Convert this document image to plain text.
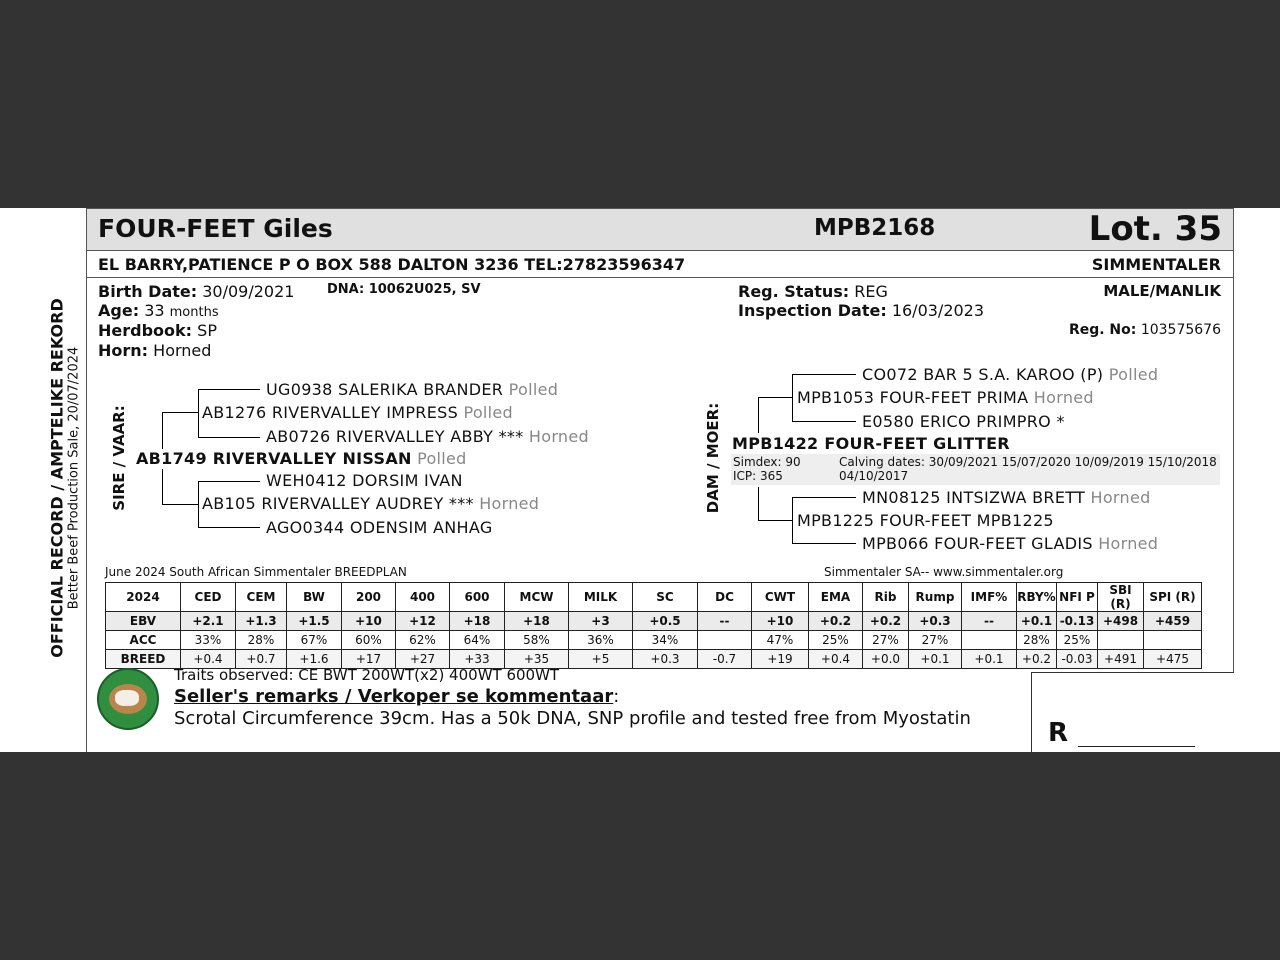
FOUR-FEET Giles	MPB2168	Lot. 35
EL BARRY,PATIENCE P O BOX 588 DALTON 3236 TEL:27823596347	SIMMENTALER
OFFICIAL RECORD / AMPTELIKE REKORD Better Beef Production Sale, 20/07/2024
Birth Date: 30/09/2021	DNA: 10062U025, SV
Age: 33 months
Herdbook: SP
Horn: Horned
Reg. Status: REG
Inspection Date: 16/03/2023
MALE/MANLIK
Reg. No: 103575676
SIRE / VAAR:
UG0938 SALERIKA BRANDER Polled
AB1276 RIVERVALLEY IMPRESS Polled
AB0726 RIVERVALLEY ABBY *** Horned
AB1749 RIVERVALLEY NISSAN Polled
WEH0412 DORSIM IVAN
AB105 RIVERVALLEY AUDREY *** Horned
AGO0344 ODENSIM ANHAG
DAM / MOER:
CO072 BAR 5 S.A. KAROO (P) Polled
MPB1053 FOUR-FEET PRIMA Horned
E0580 ERICO PRIMPRO *
MPB1422 FOUR-FEET GLITTER
Simdex: 90
ICP: 365
Calving dates: 30/09/2021 15/07/2020 10/09/2019 15/10/2018
04/10/2017
MN08125 INTSIZWA BRETT Horned
MPB1225 FOUR-FEET MPB1225
MPB066 FOUR-FEET GLADIS Horned
June 2024 South African Simmentaler BREEDPLAN	Simmentaler SA-- www.simmentaler.org
2024	CED	CEM	BW	200	400	600	MCW	MILK	SC	DC	CWT	EMA	Rib	Rump	IMF%	RBY%	NFI P	SBI (R)	SPI (R)
EBV	+2.1	+1.3	+1.5	+10	+12	+18	+18	+3	+0.5	--	+10	+0.2	+0.2	+0.3	--	+0.1	-0.13	+498	+459
ACC	33%	28%	67%	60%	62%	64%	58%	36%	34%		47%	25%	27%	27%		28%	25%		
BREED	+0.4	+0.7	+1.6	+17	+27	+33	+35	+5	+0.3	-0.7	+19	+0.4	+0.0	+0.1	+0.1	+0.2	-0.03	+491	+475
Traits observed: CE BWT 200WT(x2) 400WT 600WT
Seller's remarks / Verkoper se kommentaar:
Scrotal Circumference 39cm. Has a 50k DNA, SNP profile and tested free from Myostatin	R __________________
